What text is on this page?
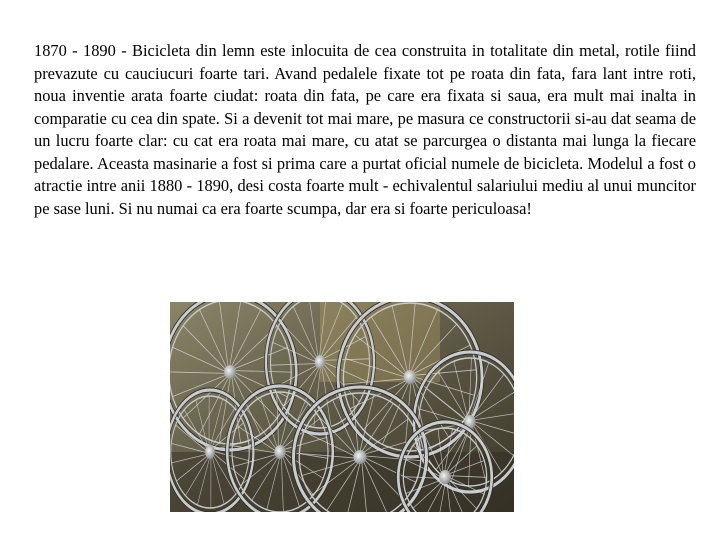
1870 - 1890 - Bicicleta din lemn este inlocuita de cea construita in totalitate din metal, rotile fiind prevazute cu cauciucuri foarte tari. Avand pedalele fixate tot pe roata din fata, fara lant intre roti, noua inventie arata foarte ciudat: roata din fata, pe care era fixata si saua, era mult mai inalta in comparatie cu cea din spate. Si a devenit tot mai mare, pe masura ce constructorii si-au dat seama de un lucru foarte clar: cu cat era roata mai mare, cu atat se parcurgea o distanta mai lunga la fiecare pedalare. Aceasta masinarie a fost si prima care a purtat oficial numele de bicicleta. Modelul a fost o atractie intre anii 1880 - 1890, desi costa foarte mult - echivalentul salariului mediu al unui muncitor pe sase luni. Si nu numai ca era foarte scumpa, dar era si foarte periculoasa!
